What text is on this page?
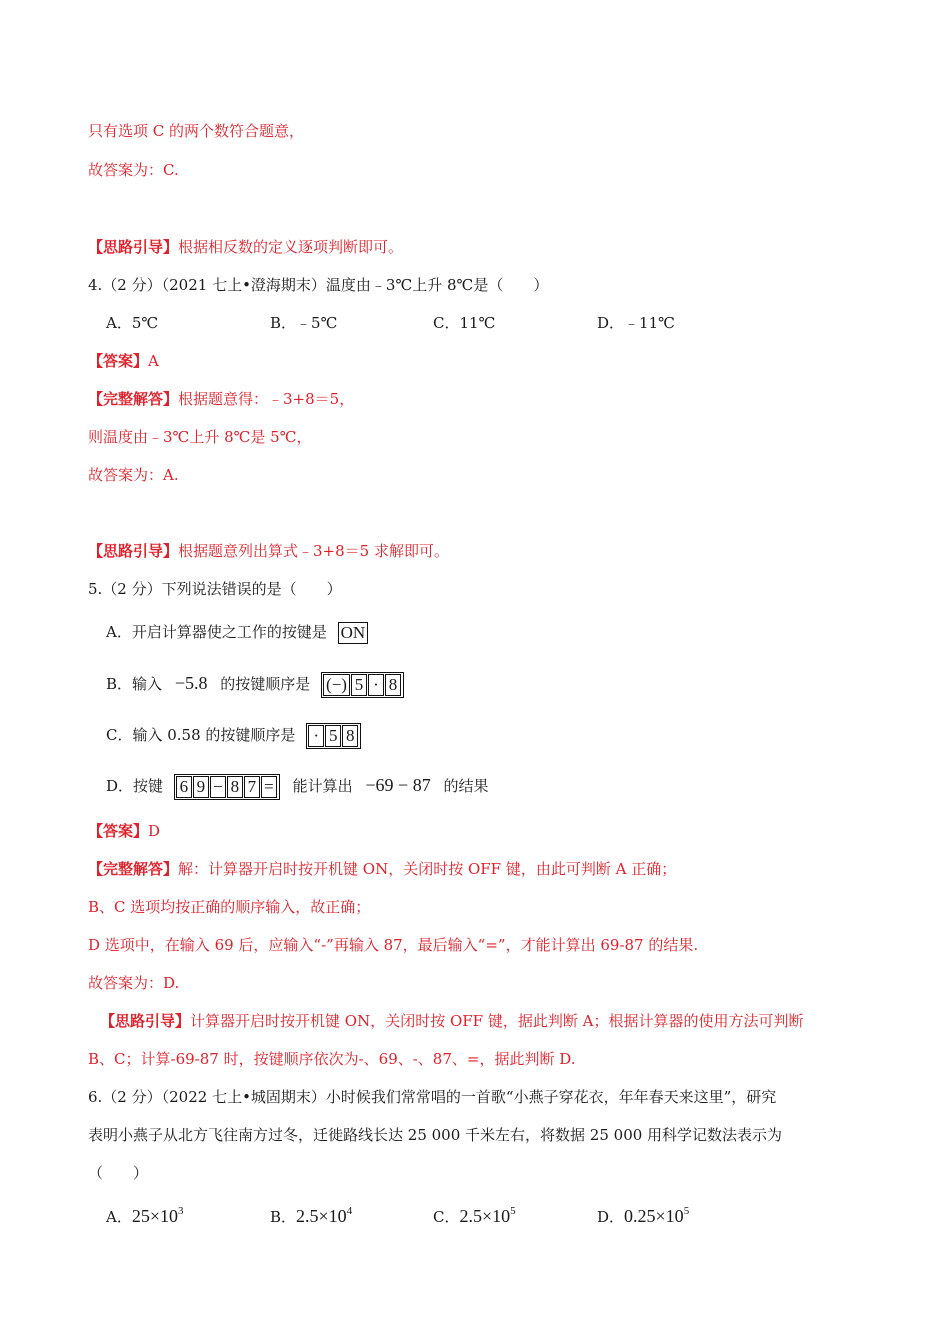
只有选项 C 的两个数符合题意，
故答案为：C.
【思路引导】根据相反数的定义逐项判断即可。
4.（2 分）（2021 七上•澄海期末）温度由﹣3℃上升 8℃是（　　）
A．5℃	B．﹣5℃	C．11℃	D．﹣11℃
【答案】A
【完整解答】根据题意得：﹣3+8＝5，
则温度由﹣3℃上升 8℃是 5℃，
故答案为：A.
【思路引导】根据题意列出算式﹣3+8＝5 求解即可。
5.（2 分）下列说法错误的是（　　）
A．开启计算器使之工作的按键是 ON
B．输入 −5.8 的按键顺序是 (−) 5 · 8
C．输入 0.58 的按键顺序是 · 5 8
D．按键 6 9 − 8 7 = 能计算出 −69 − 87 的结果
【答案】D
【完整解答】解：计算器开启时按开机键 ON，关闭时按 OFF 键，由此可判断 A 正确；
B、C 选项均按正确的顺序输入，故正确；
D 选项中，在输入 69 后，应输入“-”再输入 87，最后输入“=”，才能计算出 69-87 的结果.
故答案为：D.
【思路引导】计算器开启时按开机键 ON，关闭时按 OFF 键，据此判断 A；根据计算器的使用方法可判断
B、C；计算-69-87 时，按键顺序依次为-、69、-、87、=，据此判断 D.
6.（2 分）（2022 七上•城固期末）小时候我们常常唱的一首歌“小燕子穿花衣，年年春天来这里”，研究
表明小燕子从北方飞往南方过冬，迁徙路线长达 25 000 千米左右，将数据 25 000 用科学记数法表示为
（　　）
A．$25\times 10^3$	B．$2.5\times 10^4$	C．$2.5\times 10^5$	D．$0.25\times 10^5$
